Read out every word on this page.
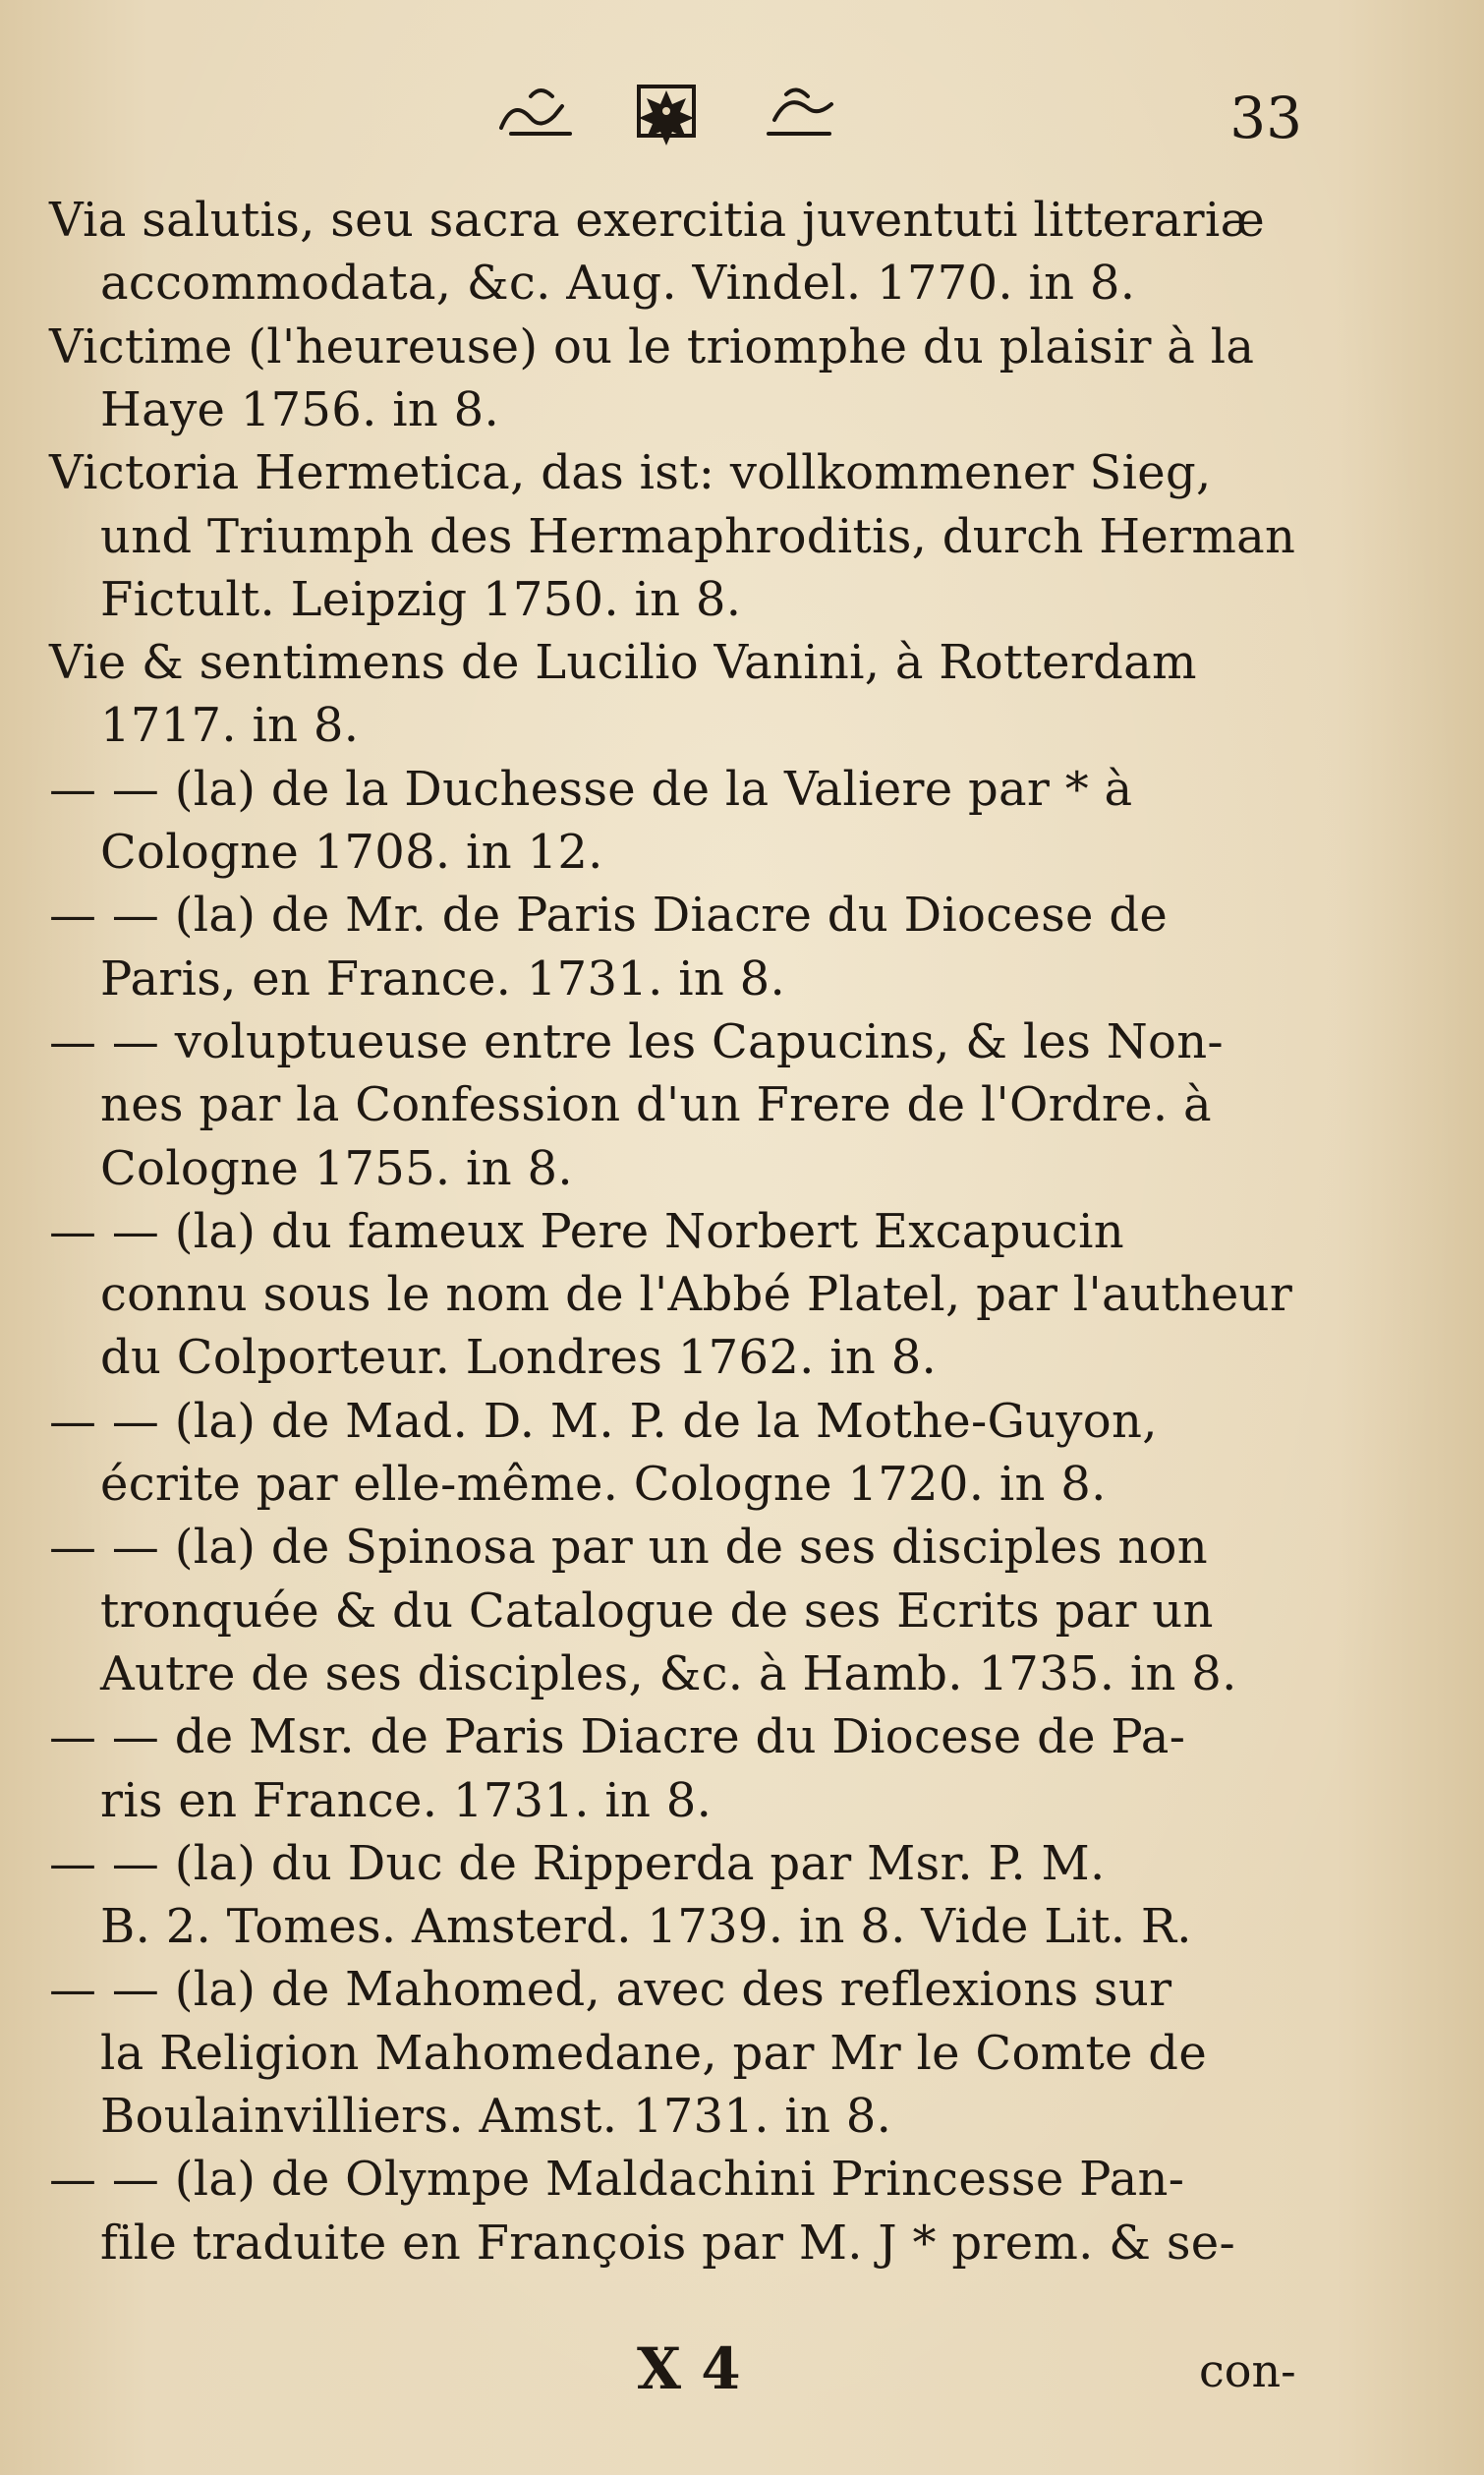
33
Via salutis, seu sacra exercitia juventuti litterariæ
accommodata, &c. Aug. Vindel. 1770. in 8.
Victime (l'heureuse) ou le triomphe du plaisir à la
Haye 1756. in 8.
Victoria Hermetica, das ist: vollkommener Sieg,
und Triumph des Hermaphroditis, durch Herman
Fictult. Leipzig 1750. in 8.
Vie & sentimens de Lucilio Vanini, à Rotterdam
1717. in 8.
— — (la) de la Duchesse de la Valiere par * à
Cologne 1708. in 12.
— — (la) de Mr. de Paris Diacre du Diocese de
Paris, en France. 1731. in 8.
— — voluptueuse entre les Capucins, & les Non-
nes par la Confession d'un Frere de l'Ordre. à
Cologne 1755. in 8.
— — (la) du fameux Pere Norbert Excapucin
connu sous le nom de l'Abbé Platel, par l'autheur
du Colporteur. Londres 1762. in 8.
— — (la) de Mad. D. M. P. de la Mothe-Guyon,
écrite par elle-même. Cologne 1720. in 8.
— — (la) de Spinosa par un de ses disciples non
tronquée & du Catalogue de ses Ecrits par un
Autre de ses disciples, &c. à Hamb. 1735. in 8.
— — de Msr. de Paris Diacre du Diocese de Pa-
ris en France. 1731. in 8.
— — (la) du Duc de Ripperda par Msr. P. M.
B. 2. Tomes. Amsterd. 1739. in 8. Vide Lit. R.
— — (la) de Mahomed, avec des reflexions sur
la Religion Mahomedane, par Mr le Comte de
Boulainvilliers. Amst. 1731. in 8.
— — (la) de Olympe Maldachini Princesse Pan-
file traduite en François par M. J * prem. & se-
X 4	con-
